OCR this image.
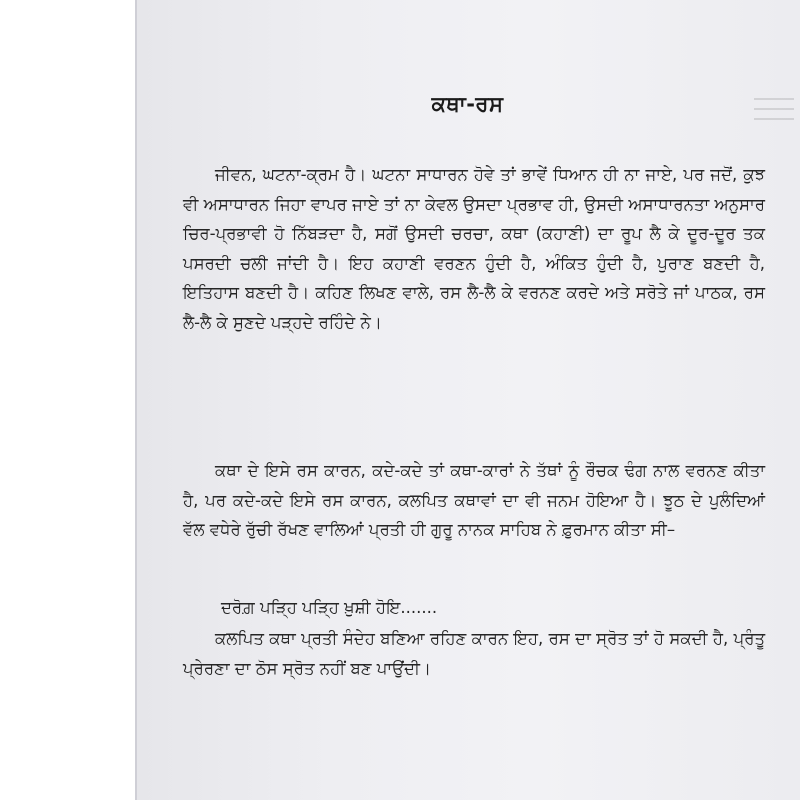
ਕਥਾ-ਰਸ

ਜੀਵਨ, ਘਟਨਾ-ਕ੍ਰਮ ਹੈ। ਘਟਨਾ ਸਾਧਾਰਨ ਹੋਵੇ ਤਾਂ ਭਾਵੇਂ ਧਿਆਨ ਹੀ ਨਾ ਜਾਏ, ਪਰ ਜਦੋਂ, ਕੁਝ ਵੀ ਅਸਾਧਾਰਨ ਜਿਹਾ ਵਾਪਰ ਜਾਏ ਤਾਂ ਨਾ ਕੇਵਲ ਉਸਦਾ ਪ੍ਰਭਾਵ ਹੀ, ਉਸਦੀ ਅਸਾਧਾਰਨਤਾ ਅਨੁਸਾਰ ਚਿਰ-ਪ੍ਰਭਾਵੀ ਹੋ ਨਿੱਬੜਦਾ ਹੈ, ਸਗੋਂ ਉਸਦੀ ਚਰਚਾ, ਕਥਾ (ਕਹਾਣੀ) ਦਾ ਰੂਪ ਲੈ ਕੇ ਦੂਰ-ਦੂਰ ਤਕ ਪਸਰਦੀ ਚਲੀ ਜਾਂਦੀ ਹੈ। ਇਹ ਕਹਾਣੀ ਵਰਣਨ ਹੁੰਦੀ ਹੈ, ਅੰਕਿਤ ਹੁੰਦੀ ਹੈ, ਪੁਰਾਣ ਬਣਦੀ ਹੈ, ਇਤਿਹਾਸ ਬਣਦੀ ਹੈ। ਕਹਿਣ ਲਿਖਣ ਵਾਲੇ, ਰਸ ਲੈ-ਲੈ ਕੇ ਵਰਨਣ ਕਰਦੇ ਅਤੇ ਸਰੋਤੇ ਜਾਂ ਪਾਠਕ, ਰਸ ਲੈ-ਲੈ ਕੇ ਸੁਣਦੇ ਪੜ੍ਹਦੇ ਰਹਿੰਦੇ ਨੇ।

ਕਥਾ ਦੇ ਇਸੇ ਰਸ ਕਾਰਨ, ਕਦੇ-ਕਦੇ ਤਾਂ ਕਥਾ-ਕਾਰਾਂ ਨੇ ਤੱਥਾਂ ਨੂੰ ਰੌਚਕ ਢੰਗ ਨਾਲ ਵਰਨਣ ਕੀਤਾ ਹੈ, ਪਰ ਕਦੇ-ਕਦੇ ਇਸੇ ਰਸ ਕਾਰਨ, ਕਲਪਿਤ ਕਥਾਵਾਂ ਦਾ ਵੀ ਜਨਮ ਹੋਇਆ ਹੈ। ਝੂਠ ਦੇ ਪੁਲੰਦਿਆਂ ਵੱਲ ਵਧੇਰੇ ਰੁੱਚੀ ਰੱਖਣ ਵਾਲਿਆਂ ਪ੍ਰਤੀ ਹੀ ਗੁਰੂ ਨਾਨਕ ਸਾਹਿਬ ਨੇ ਫ਼ੁਰਮਾਨ ਕੀਤਾ ਸੀ–

ਦਰੋਗ਼ ਪੜ੍ਹਿ ਪੜ੍ਹਿ ਖ਼ੁਸ਼ੀ ਹੋਇ.......

ਕਲਪਿਤ ਕਥਾ ਪ੍ਰਤੀ ਸੰਦੇਹ ਬਣਿਆ ਰਹਿਣ ਕਾਰਨ ਇਹ, ਰਸ ਦਾ ਸ੍ਰੋਤ ਤਾਂ ਹੋ ਸਕਦੀ ਹੈ, ਪ੍ਰੰਤੂ ਪ੍ਰੇਰਣਾ ਦਾ ਠੋਸ ਸ੍ਰੋਤ ਨਹੀਂ ਬਣ ਪਾਉਂਦੀ।
